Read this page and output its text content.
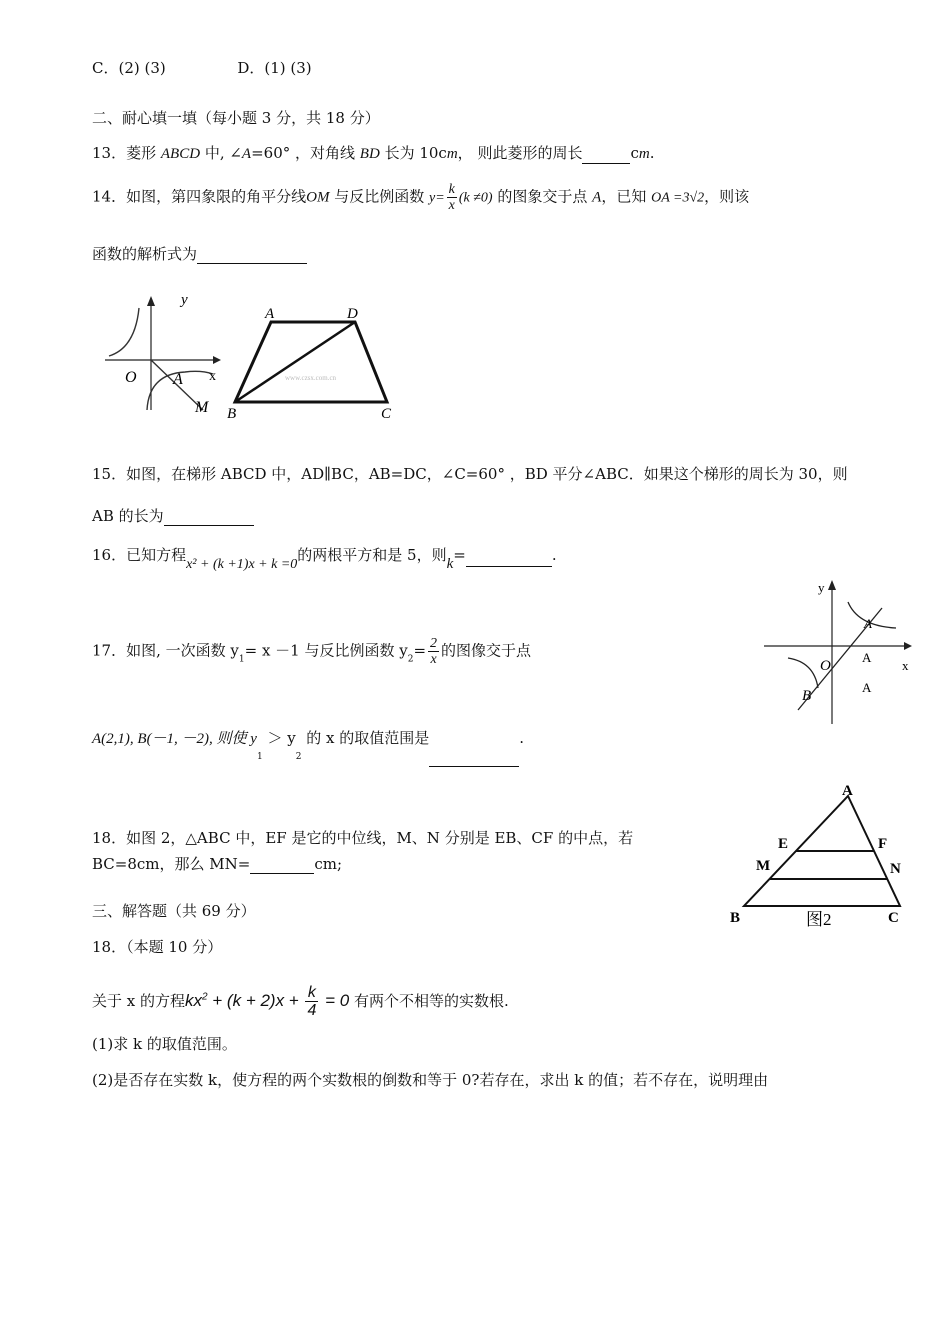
C．(2) (3)	D．(1) (3)
二、耐心填一填（每小题 3 分，共 18 分）
13．菱形 ABCD 中, ∠A=60° ，对角线 BD 长为 10cm， 则此菱形的周长	cm.
14．如图，第四象限的角平分线OM 与反比例函数 $y= \frac{k}{x} (k \ne 0)$ 的图象交于点 A，已知 OA =3√2，则该
函数的解析式为
y
x
O A
M
www.czsx.com.cn
A	D
B	C
15．如图，在梯形 ABCD 中，AD∥BC，AB=DC，∠C=60° ，BD 平分∠ABC．如果这个梯形的周长为 30，则
AB 的长为
16．已知方程x² + (k +1)x + k =0的两根平方和是 5，则k=	.
y
x
O
A
A
A
B
17．如图, 一次函数 $y_1= x -1$ 与反比例函数 $y_2= \frac{2}{x}$ 的图像交于点
A(2,1), B(－1, －2), 则使 $y_1 > y_2$ 的 x 的取值范围是	.
18．如图 2，△ABC 中，EF 是它的中位线，M、N 分别是 EB、CF 的中点，若
BC=8cm，那么 MN=	cm;
A
E	F
M	N
B	C
图2
三、解答题（共 69 分）
18．（本题 10 分）
关于 x 的方程$kx^2 + (k + 2)x + \frac{k}{4} = 0$ 有两个不相等的实数根.
(1)求 k 的取值范围。
(2)是否存在实数 k，使方程的两个实数根的倒数和等于 0?若存在，求出 k 的值；若不存在，说明理由
